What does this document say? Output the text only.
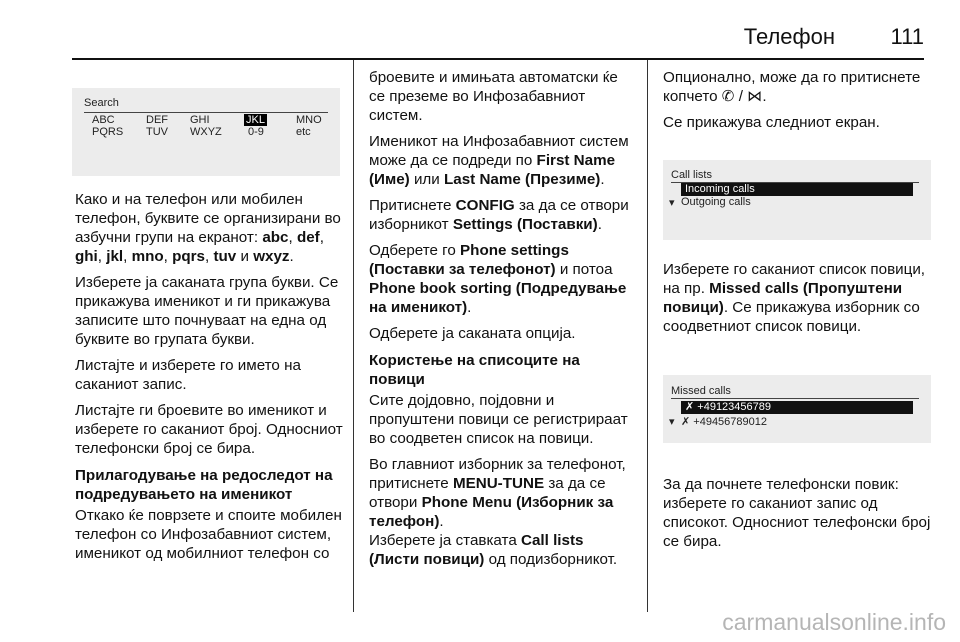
Телефон	111
Search
ABC
PQRS
DEF
TUV
GHI
WXYZ
JKL
0-9
MNO
etc

Како и на телефон или мобилен телефон, буквите се организирани во азбучни групи на екранот: abc, def, ghi, jkl, mno, pqrs, tuv и wxyz.

Изберете ја саканата група букви. Се прикажува именикот и ги прикажува записите што почнуваат на една од буквите во групата букви.

Листајте и изберете го името на саканиот запис.

Листајте ги броевите во именикот и изберете го саканиот број. Односниот телефонски број се бира.

Прилагодување на редоследот на подредувањето на именикот

Откако ќе поврзете и споите мобилен телефон со Инфозабавниот систем, именикот од мобилниот телефон со

броевите и имињата автоматски ќе се преземе во Инфозабавниот систем.

Именикот на Инфозабавниот систем може да се подреди по First Name (Име) или Last Name (Презиме).

Притиснете CONFIG за да се отвори изборникот Settings (Поставки).

Одберете го Phone settings (Поставки за телефонот) и потоа Phone book sorting (Подредување на именикот).

Одберете ја саканата опција.

Користење на списоците на повици

Сите дојдовно, појдовни и пропуштени повици се регистрираат во соодветен список на повици.

Во главниот изборник за телефонот, притиснете MENU-TUNE за да се отвори Phone Menu (Изборник за телефон).
Изберете ја ставката Call lists (Листи повици) од подизборникот.

Опционално, може да го притиснете копчето ✆ / ⋈.

Се прикажува следниот екран.

Call lists
Incoming calls
▾ Outgoing calls

Изберете го саканиот список повици, на пр. Missed calls (Пропуштени повици). Се прикажува изборник со соодветниот список повици.

Missed calls
✗ +49123456789
▾ ✗ +49456789012

За да почнете телефонски повик: изберете го саканиот запис од списокот. Односниот телефонски број се бира.

carmanualsonline.info
